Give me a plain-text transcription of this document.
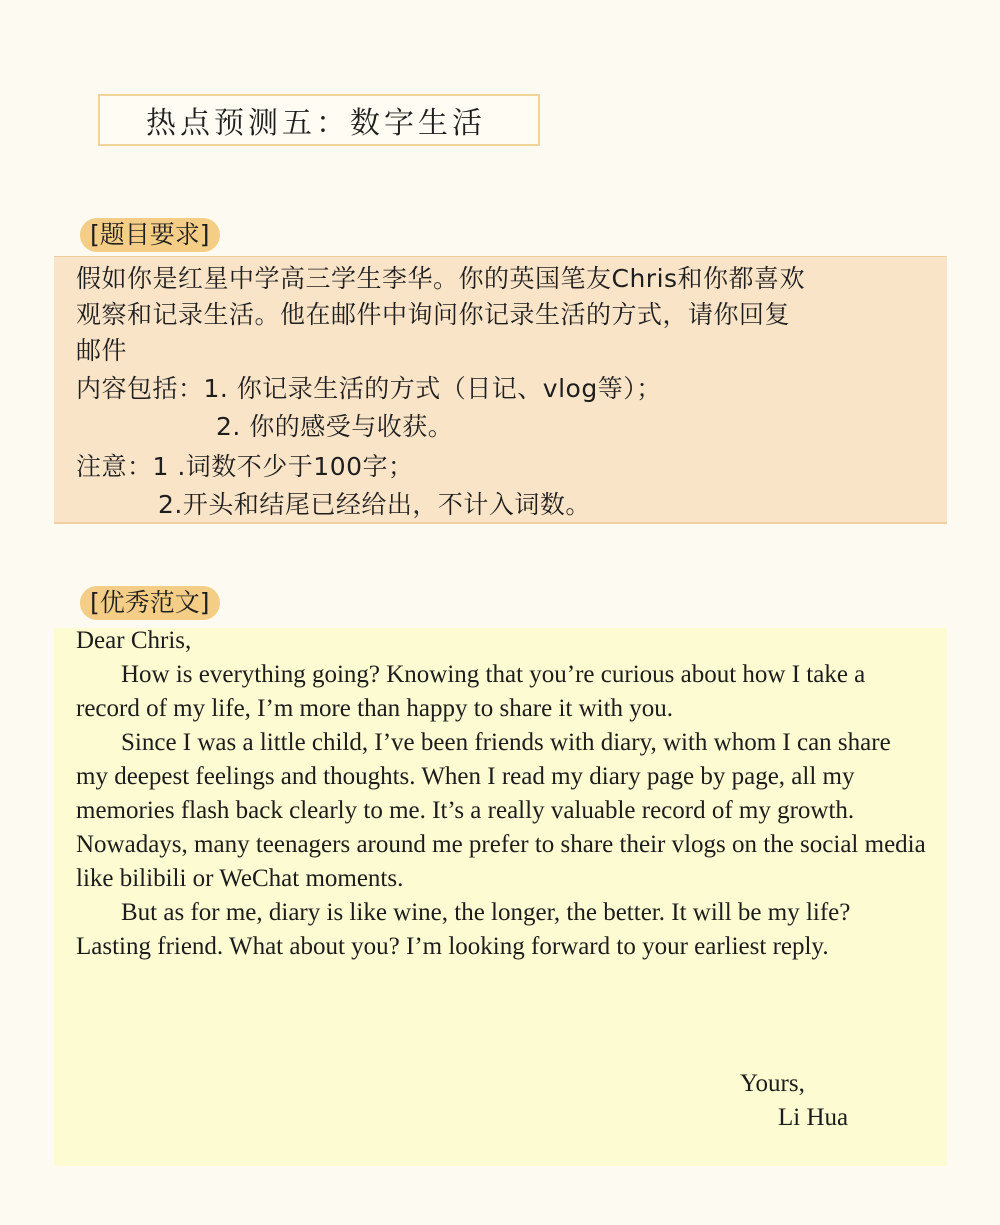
热点预测五：数字生活
[题目要求]
假如你是红星中学高三学生李华。你的英国笔友Chris和你都喜欢
观察和记录生活。他在邮件中询问你记录生活的方式，请你回复
邮件
内容包括：1. 你记录生活的方式（日记、vlog等）；
2. 你的感受与收获。
注意：1 .词数不少于100字；
2.开头和结尾已经给出，不计入词数。
[优秀范文]

Dear Chris,

How is everything going? Knowing that you’re curious about how I take a record of my life, I’m more than happy to share it with you.

Since I was a little child, I’ve been friends with diary, with whom I can share my deepest feelings and thoughts. When I read my diary page by page, all my memories flash back clearly to me. It’s a really valuable record of my growth. Nowadays, many teenagers around me prefer to share their vlogs on the social media like bilibili or WeChat moments.

But as for me, diary is like wine, the longer, the better. It will be my life? Lasting friend. What about you? I’m looking forward to your earliest reply.

Yours,
Li Hua
